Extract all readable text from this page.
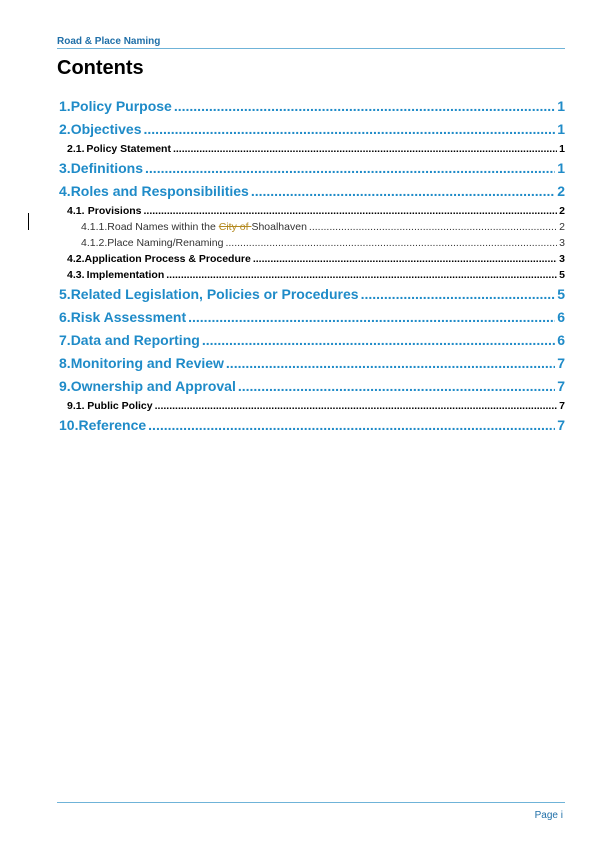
Road & Place Naming
Contents
1. Policy Purpose .....	1
2. Objectives .....	1
2.1. Policy Statement .....	1
3. Definitions .....	1
4. Roles and Responsibilities .....	2
4.1. Provisions .....	2
4.1.1. Road Names within the City of Shoalhaven .....	2
4.1.2. Place Naming/Renaming .....	3
4.2. Application Process & Procedure .....	3
4.3. Implementation .....	5
5. Related Legislation, Policies or Procedures .....	5
6. Risk Assessment .....	6
7. Data and Reporting .....	6
8. Monitoring and Review .....	7
9. Ownership and Approval .....	7
9.1. Public Policy .....	7
10. Reference .....	7
Page i
